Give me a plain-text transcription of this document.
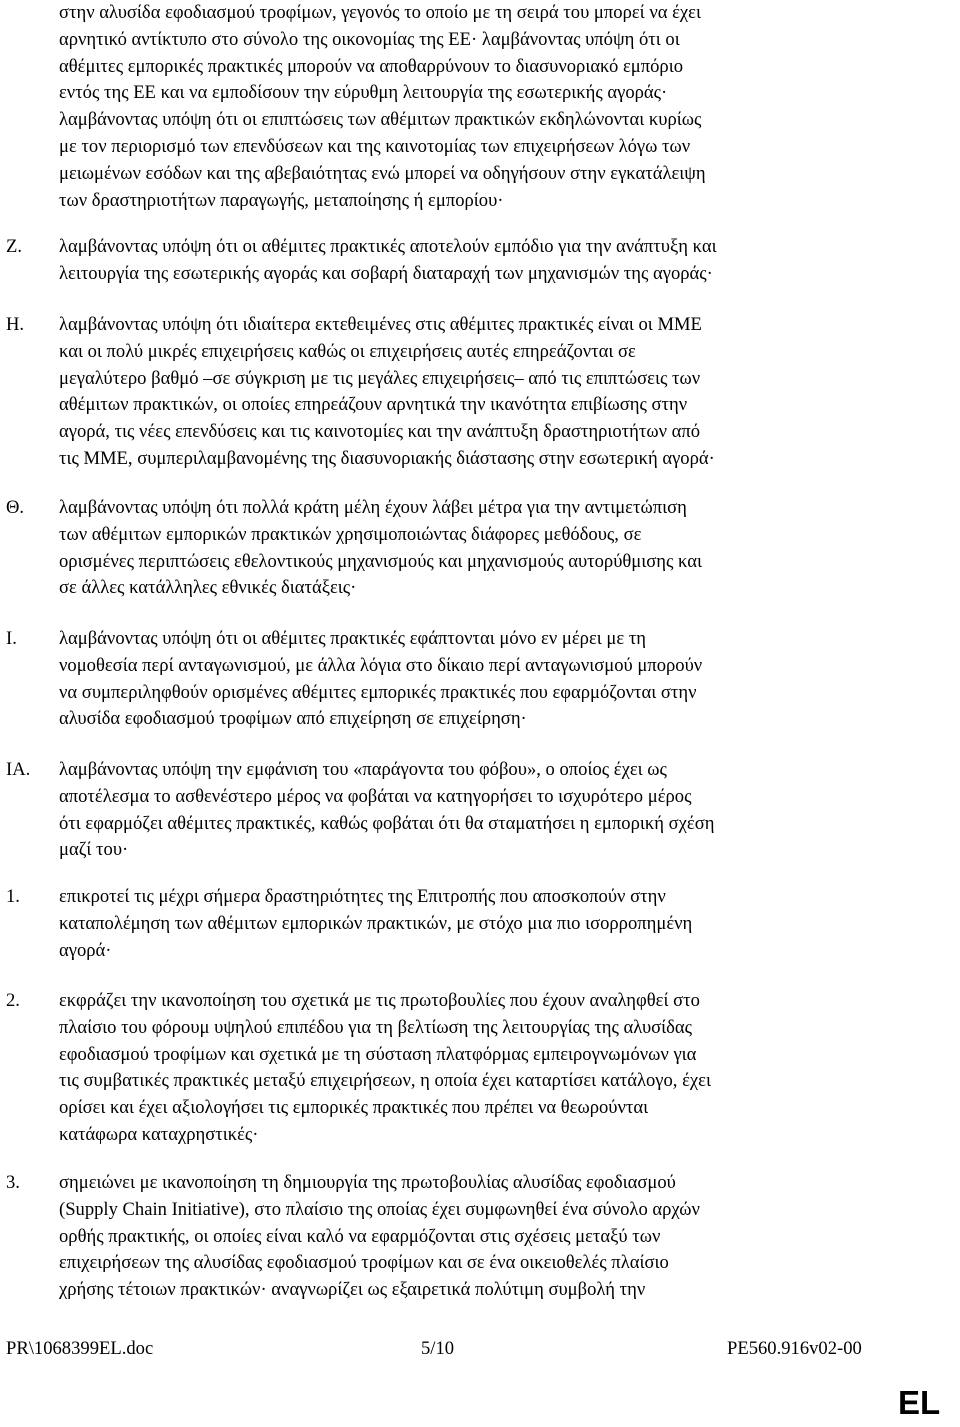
στην αλυσίδα εφοδιασμού τροφίμων, γεγονός το οποίο με τη σειρά του μπορεί να έχει
αρνητικό αντίκτυπο στο σύνολο της οικονομίας της ΕΕ· λαμβάνοντας υπόψη ότι οι
αθέμιτες εμπορικές πρακτικές μπορούν να αποθαρρύνουν το διασυνοριακό εμπόριο
εντός της ΕΕ και να εμποδίσουν την εύρυθμη λειτουργία της εσωτερικής αγοράς·
λαμβάνοντας υπόψη ότι οι επιπτώσεις των αθέμιτων πρακτικών εκδηλώνονται κυρίως
με τον περιορισμό των επενδύσεων και της καινοτομίας των επιχειρήσεων λόγω των
μειωμένων εσόδων και της αβεβαιότητας ενώ μπορεί να οδηγήσουν στην εγκατάλειψη
των δραστηριοτήτων παραγωγής, μεταποίησης ή εμπορίου·
Ζ. λαμβάνοντας υπόψη ότι οι αθέμιτες πρακτικές αποτελούν εμπόδιο για την ανάπτυξη και
λειτουργία της εσωτερικής αγοράς και σοβαρή διαταραχή των μηχανισμών της αγοράς·
Η. λαμβάνοντας υπόψη ότι ιδιαίτερα εκτεθειμένες στις αθέμιτες πρακτικές είναι οι ΜΜΕ
και οι πολύ μικρές επιχειρήσεις καθώς οι επιχειρήσεις αυτές επηρεάζονται σε
μεγαλύτερο βαθμό –σε σύγκριση με τις μεγάλες επιχειρήσεις– από τις επιπτώσεις των
αθέμιτων πρακτικών, οι οποίες επηρεάζουν αρνητικά την ικανότητα επιβίωσης στην
αγορά, τις νέες επενδύσεις και τις καινοτομίες και την ανάπτυξη δραστηριοτήτων από
τις ΜΜΕ, συμπεριλαμβανομένης της διασυνοριακής διάστασης στην εσωτερική αγορά·
Θ. λαμβάνοντας υπόψη ότι πολλά κράτη μέλη έχουν λάβει μέτρα για την αντιμετώπιση
των αθέμιτων εμπορικών πρακτικών χρησιμοποιώντας διάφορες μεθόδους, σε
ορισμένες περιπτώσεις εθελοντικούς μηχανισμούς και μηχανισμούς αυτορύθμισης και
σε άλλες κατάλληλες εθνικές διατάξεις·
Ι. λαμβάνοντας υπόψη ότι οι αθέμιτες πρακτικές εφάπτονται μόνο εν μέρει με τη
νομοθεσία περί ανταγωνισμού, με άλλα λόγια στο δίκαιο περί ανταγωνισμού μπορούν
να συμπεριληφθούν ορισμένες αθέμιτες εμπορικές πρακτικές που εφαρμόζονται στην
αλυσίδα εφοδιασμού τροφίμων από επιχείρηση σε επιχείρηση·
ΙΑ. λαμβάνοντας υπόψη την εμφάνιση του «παράγοντα του φόβου», ο οποίος έχει ως
αποτέλεσμα το ασθενέστερο μέρος να φοβάται να κατηγορήσει το ισχυρότερο μέρος
ότι εφαρμόζει αθέμιτες πρακτικές, καθώς φοβάται ότι θα σταματήσει η εμπορική σχέση
μαζί του·
1. επικροτεί τις μέχρι σήμερα δραστηριότητες της Επιτροπής που αποσκοπούν στην
καταπολέμηση των αθέμιτων εμπορικών πρακτικών, με στόχο μια πιο ισορροπημένη
αγορά·
2. εκφράζει την ικανοποίηση του σχετικά με τις πρωτοβουλίες που έχουν αναληφθεί στο
πλαίσιο του φόρουμ υψηλού επιπέδου για τη βελτίωση της λειτουργίας της αλυσίδας
εφοδιασμού τροφίμων και σχετικά με τη σύσταση πλατφόρμας εμπειρογνωμόνων για
τις συμβατικές πρακτικές μεταξύ επιχειρήσεων, η οποία έχει καταρτίσει κατάλογο, έχει
ορίσει και έχει αξιολογήσει τις εμπορικές πρακτικές που πρέπει να θεωρούνται
κατάφωρα καταχρηστικές·
3. σημειώνει με ικανοποίηση τη δημιουργία της πρωτοβουλίας αλυσίδας εφοδιασμού
(Supply Chain Initiative), στο πλαίσιο της οποίας έχει συμφωνηθεί ένα σύνολο αρχών
ορθής πρακτικής, οι οποίες είναι καλό να εφαρμόζονται στις σχέσεις μεταξύ των
επιχειρήσεων της αλυσίδας εφοδιασμού τροφίμων και σε ένα οικειοθελές πλαίσιο
χρήσης τέτοιων πρακτικών· αναγνωρίζει ως εξαιρετικά πολύτιμη συμβολή την
PR\1068399EL.doc	5/10	PE560.916v02-00
EL
